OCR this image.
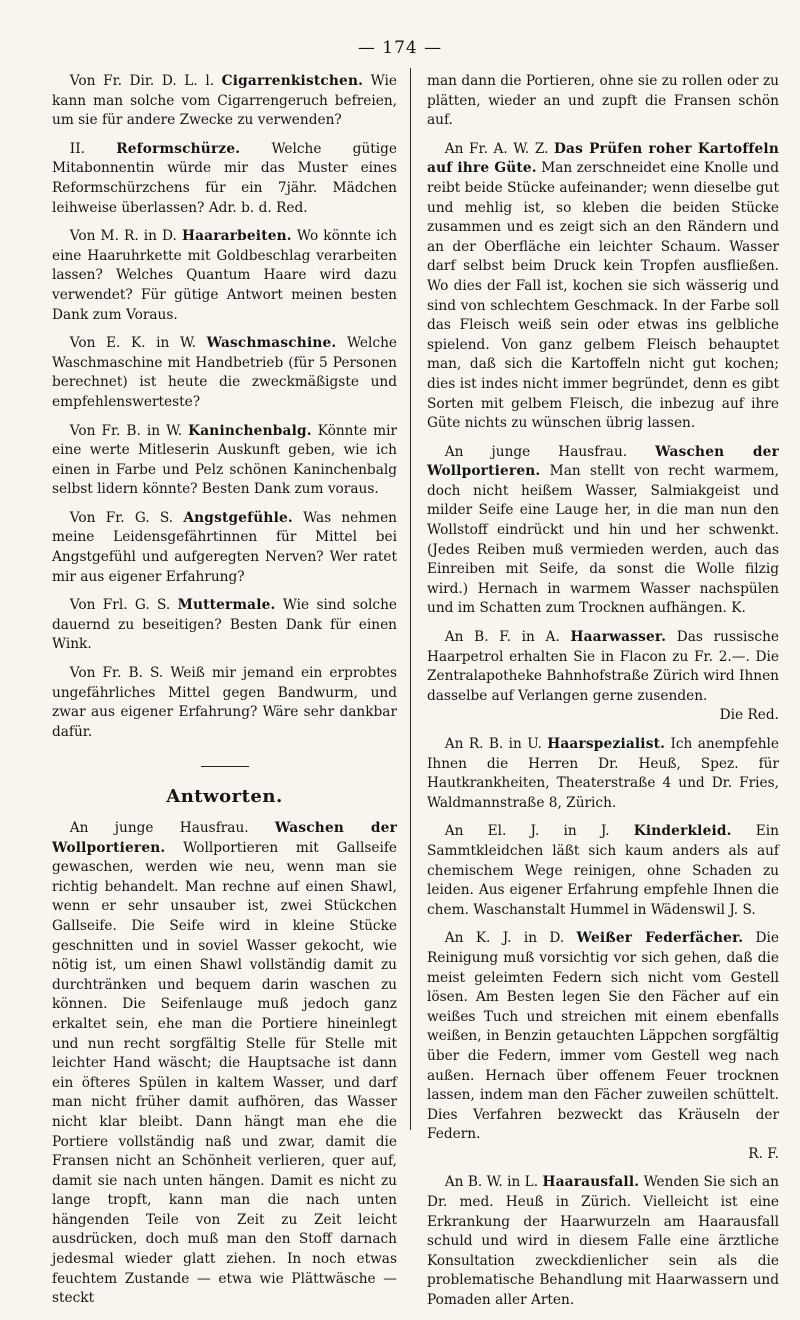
— 174 —

Von Fr. Dir. D. L. l. Cigarrenkistchen. Wie kann man solche vom Cigarrengeruch befreien, um sie für andere Zwecke zu verwenden?

II. Reformschürze. Welche gütige Mitabonnentin würde mir das Muster eines Reformschürzchens für ein 7jähr. Mädchen leihweise überlassen? Adr. b. d. Red.

Von M. R. in D. Haararbeiten. Wo könnte ich eine Haaruhrkette mit Goldbeschlag verarbeiten lassen? Welches Quantum Haare wird dazu verwendet? Für gütige Antwort meinen besten Dank zum Voraus.

Von E. K. in W. Waschmaschine. Welche Waschmaschine mit Handbetrieb (für 5 Personen berechnet) ist heute die zweckmäßigste und empfehlenswerteste?

Von Fr. B. in W. Kaninchenbalg. Könnte mir eine werte Mitleserin Auskunft geben, wie ich einen in Farbe und Pelz schönen Kaninchenbalg selbst lidern könnte? Besten Dank zum voraus.

Von Fr. G. S. Angstgefühle. Was nehmen meine Leidensgefährtinnen für Mittel bei Angstgefühl und aufgeregten Nerven? Wer ratet mir aus eigener Erfahrung?

Von Frl. G. S. Muttermale. Wie sind solche dauernd zu beseitigen? Besten Dank für einen Wink.

Von Fr. B. S. Weiß mir jemand ein erprobtes ungefährliches Mittel gegen Bandwurm, und zwar aus eigener Erfahrung? Wäre sehr dankbar dafür.

Antworten.

An junge Hausfrau. Waschen der Wollportieren. Wollportieren mit Gallseife gewaschen, werden wie neu, wenn man sie richtig behandelt. Man rechne auf einen Shawl, wenn er sehr unsauber ist, zwei Stückchen Gallseife. Die Seife wird in kleine Stücke geschnitten und in soviel Wasser gekocht, wie nötig ist, um einen Shawl vollständig damit zu durchtränken und bequem darin waschen zu können. Die Seifenlauge muß jedoch ganz erkaltet sein, ehe man die Portiere hineinlegt und nun recht sorgfältig Stelle für Stelle mit leichter Hand wäscht; die Hauptsache ist dann ein öfteres Spülen in kaltem Wasser, und darf man nicht früher damit aufhören, das Wasser nicht klar bleibt. Dann hängt man ehe die Portiere vollständig naß und zwar, damit die Fransen nicht an Schönheit verlieren, quer auf, damit sie nach unten hängen. Damit es nicht zu lange tropft, kann man die nach unten hängenden Teile von Zeit zu Zeit leicht ausdrücken, doch muß man den Stoff darnach jedesmal wieder glatt ziehen. In noch etwas feuchtem Zustande — etwa wie Plättwäsche — steckt

man dann die Portieren, ohne sie zu rollen oder zu plätten, wieder an und zupft die Fransen schön auf.

An Fr. A. W. Z. Das Prüfen roher Kartoffeln auf ihre Güte. Man zerschneidet eine Knolle und reibt beide Stücke aufeinander; wenn dieselbe gut und mehlig ist, so kleben die beiden Stücke zusammen und es zeigt sich an den Rändern und an der Oberfläche ein leichter Schaum. Wasser darf selbst beim Druck kein Tropfen ausfließen. Wo dies der Fall ist, kochen sie sich wässerig und sind von schlechtem Geschmack. In der Farbe soll das Fleisch weiß sein oder etwas ins gelbliche spielend. Von ganz gelbem Fleisch behauptet man, daß sich die Kartoffeln nicht gut kochen; dies ist indes nicht immer begründet, denn es gibt Sorten mit gelbem Fleisch, die inbezug auf ihre Güte nichts zu wünschen übrig lassen.

An junge Hausfrau. Waschen der Wollportieren. Man stellt von recht warmem, doch nicht heißem Wasser, Salmiakgeist und milder Seife eine Lauge her, in die man nun den Wollstoff eindrückt und hin und her schwenkt. (Jedes Reiben muß vermieden werden, auch das Einreiben mit Seife, da sonst die Wolle filzig wird.) Hernach in warmem Wasser nachspülen und im Schatten zum Trocknen aufhängen. K.

An B. F. in A. Haarwasser. Das russische Haarpetrol erhalten Sie in Flacon zu Fr. 2.—. Die Zentralapotheke Bahnhofstraße Zürich wird Ihnen dasselbe auf Verlangen gerne zusenden.
Die Red.

An R. B. in U. Haarspezialist. Ich anempfehle Ihnen die Herren Dr. Heuß, Spez. für Hautkrankheiten, Theaterstraße 4 und Dr. Fries, Waldmannstraße 8, Zürich.

An El. J. in J. Kinderkleid. Ein Sammtkleidchen läßt sich kaum anders als auf chemischem Wege reinigen, ohne Schaden zu leiden. Aus eigener Erfahrung empfehle Ihnen die chem. Waschanstalt Hummel in Wädenswil J. S.

An K. J. in D. Weißer Federfächer. Die Reinigung muß vorsichtig vor sich gehen, daß die meist geleimten Federn sich nicht vom Gestell lösen. Am Besten legen Sie den Fächer auf ein weißes Tuch und streichen mit einem ebenfalls weißen, in Benzin getauchten Läppchen sorgfältig über die Federn, immer vom Gestell weg nach außen. Hernach über offenem Feuer trocknen lassen, indem man den Fächer zuweilen schüttelt. Dies Verfahren bezweckt das Kräuseln der Federn.
R. F.

An B. W. in L. Haarausfall. Wenden Sie sich an Dr. med. Heuß in Zürich. Vielleicht ist eine Erkrankung der Haarwurzeln am Haarausfall schuld und wird in diesem Falle eine ärztliche Konsultation zweckdienlicher sein als die problematische Behandlung mit Haarwassern und Pomaden aller Arten.
